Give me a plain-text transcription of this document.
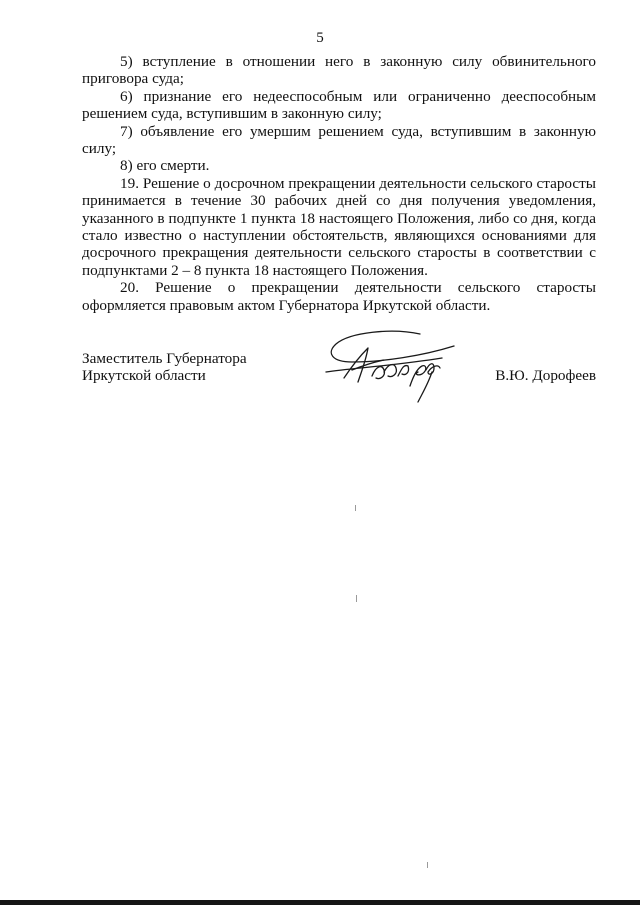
5

5) вступление в отношении него в законную силу обвинительного приговора суда;

6) признание его недееспособным или ограниченно дееспособным решением суда, вступившим в законную силу;

7) объявление его умершим решением суда, вступившим в законную силу;

8) его смерти.

19. Решение о досрочном прекращении деятельности сельского старосты принимается в течение 30 рабочих дней со дня получения уведомления, указанного в подпункте 1 пункта 18 настоящего Положения, либо со дня, когда стало известно о наступлении обстоятельств, являющихся основаниями для досрочного прекращения деятельности сельского старосты в соответствии с подпунктами 2 – 8 пункта 18 настоящего Положения.

20. Решение о прекращении деятельности сельского старосты оформляется правовым актом Губернатора Иркутской области.

Заместитель Губернатора
Иркутской области	В.Ю. Дорофеев
